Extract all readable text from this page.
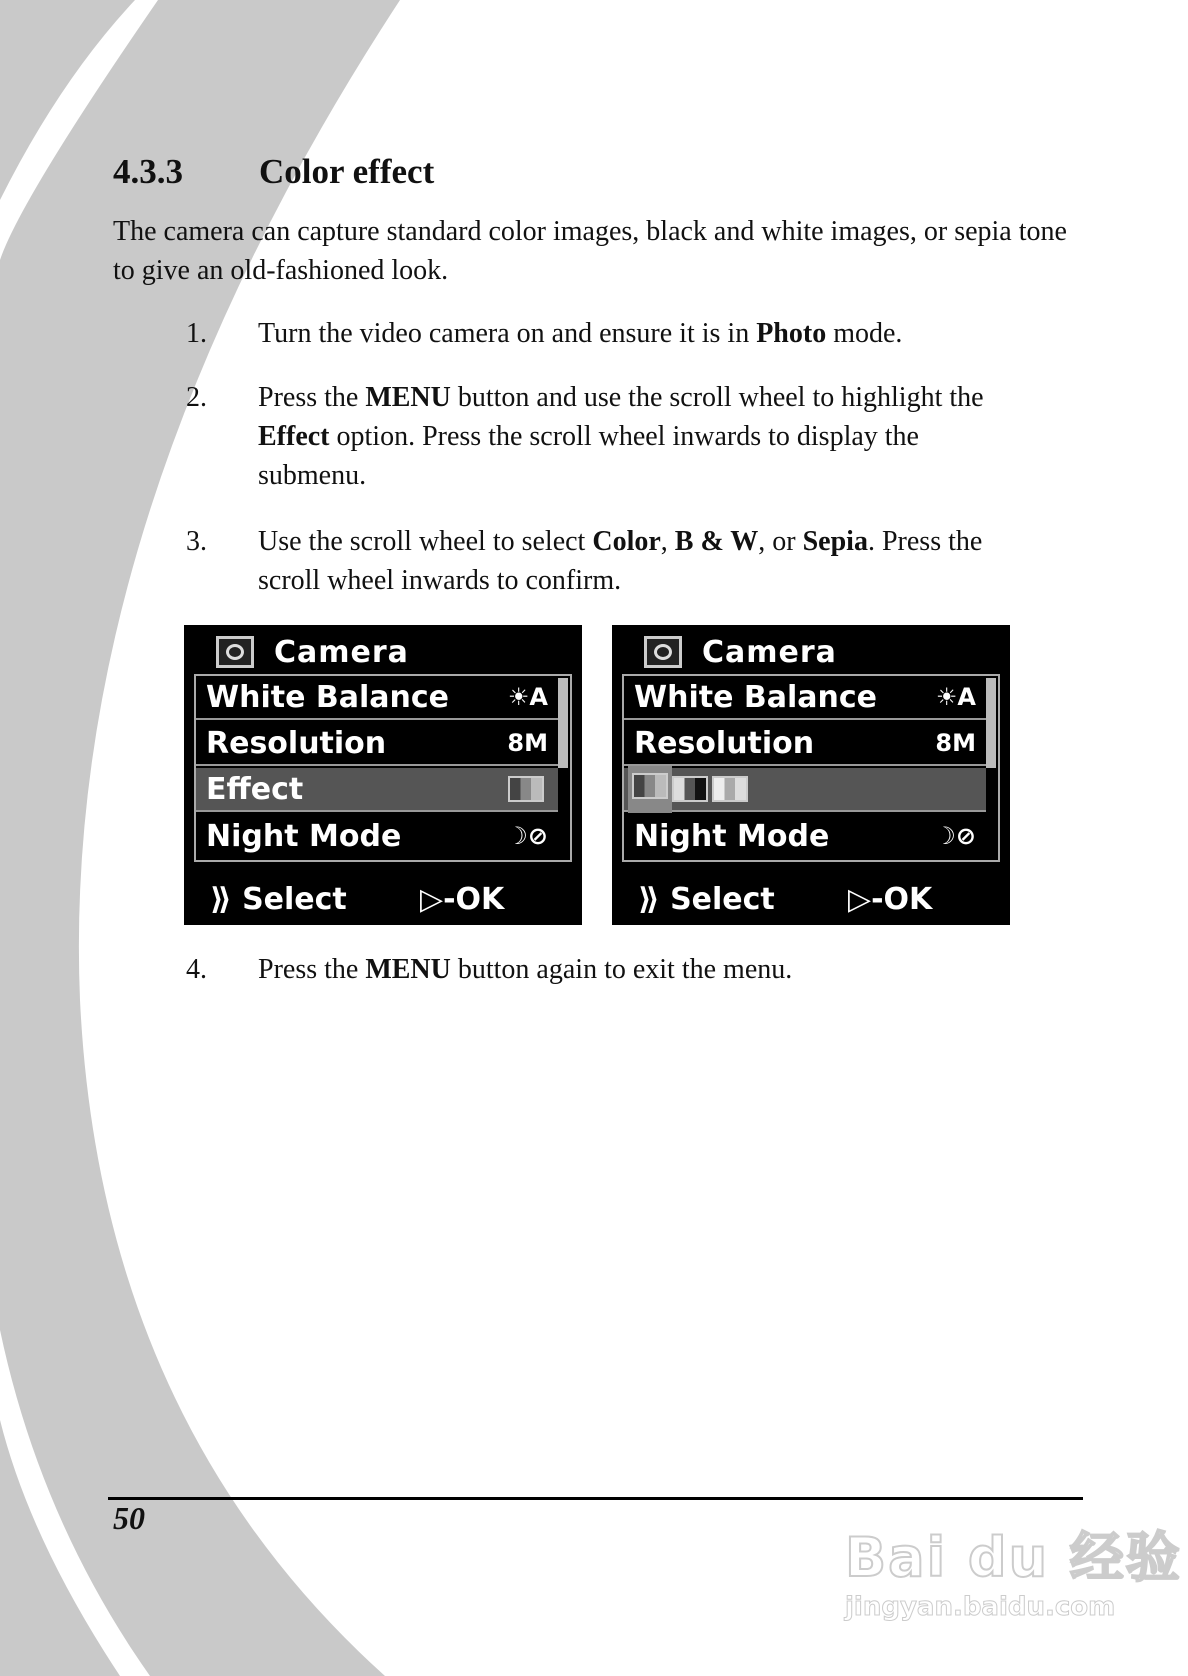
4.3.3 Color effect
The camera can capture standard color images, black and white images, or sepia tone to give an old-fashioned look.
1. Turn the video camera on and ensure it is in Photo mode.
2. Press the MENU button and use the scroll wheel to highlight the Effect option. Press the scroll wheel inwards to display the submenu.
3. Use the scroll wheel to select Color, B & W, or Sepia. Press the scroll wheel inwards to confirm.
Camera
White Balance ☀A
Resolution	8M
Effect
Night Mode	☽⊘
⟫ Select ▷-OK
Camera
White Balance ☀A
Resolution	8M
Night Mode	☽⊘
⟫ Select ▷-OK
4. Press the MENU button again to exit the menu.
50
Bai du 经验
jingyan.baidu.com
